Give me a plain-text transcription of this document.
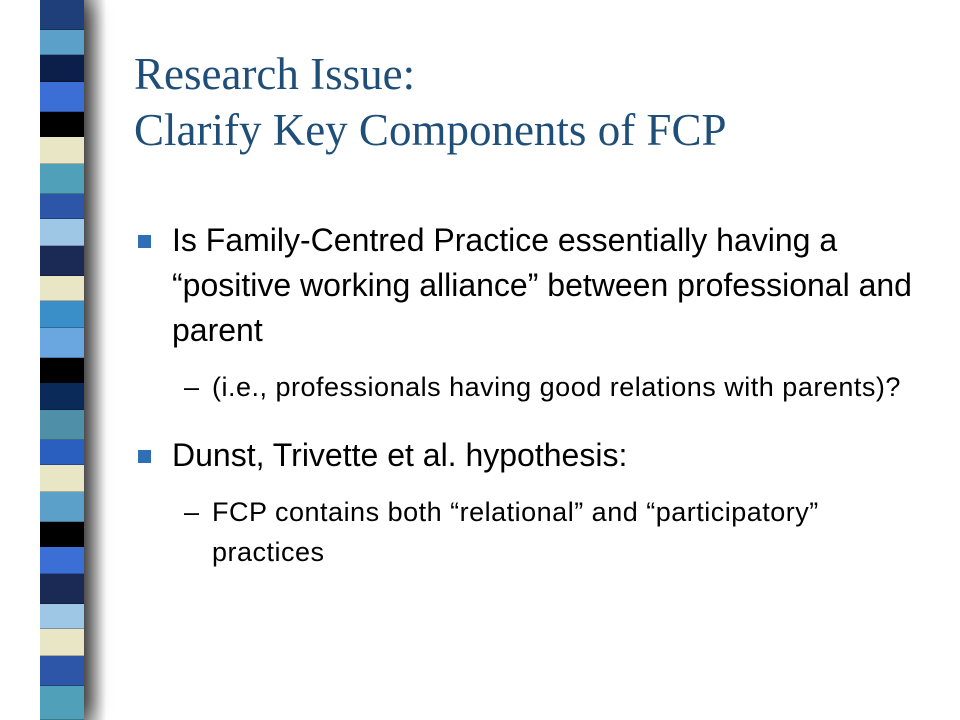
Research Issue:
Clarify Key Components of FCP
Is Family-Centred Practice essentially having a “positive working alliance” between professional and parent
– (i.e., professionals having good relations with parents)?
Dunst, Trivette et al. hypothesis:
– FCP contains both “relational” and “participatory” practices
